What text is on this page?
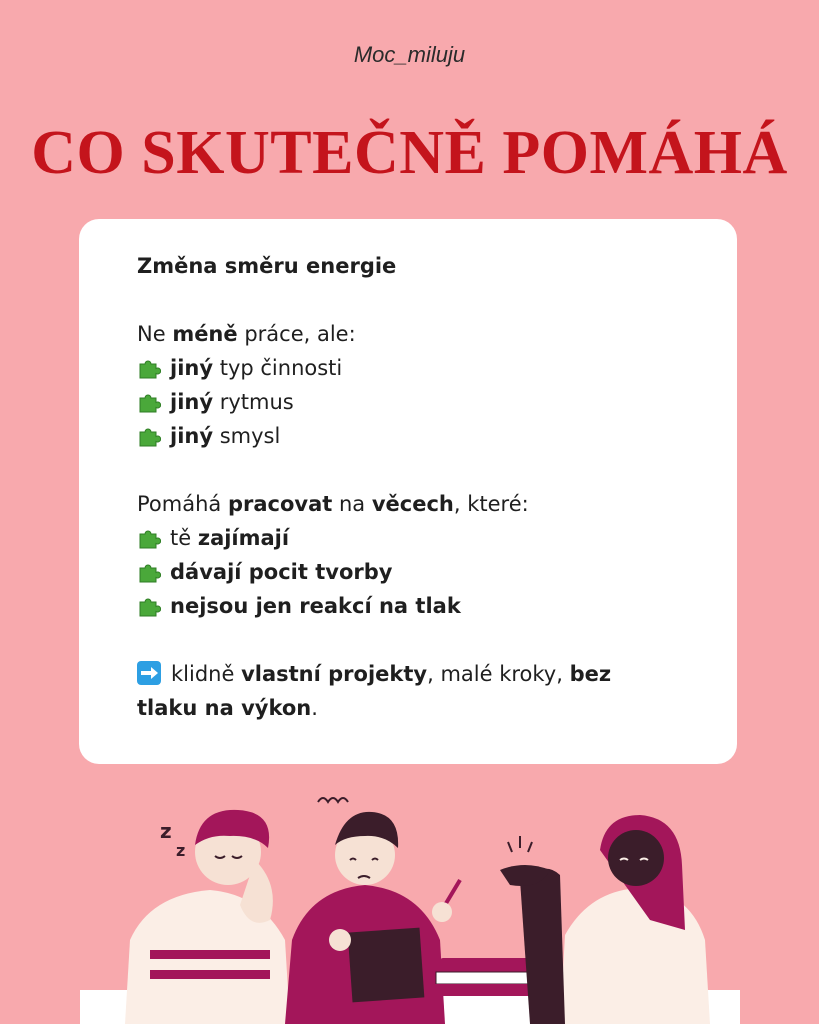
Moc_miluju
CO SKUTEČNĚ POMÁHÁ
Změna směru energie
Ne méně práce, ale:
jiný typ činnosti
jiný rytmus
jiný smysl
Pomáhá pracovat na věcech, které:
tě zajímají
dávají pocit tvorby
nejsou jen reakcí na tlak
klidně vlastní projekty, malé kroky, bez tlaku na výkon.
z
z
